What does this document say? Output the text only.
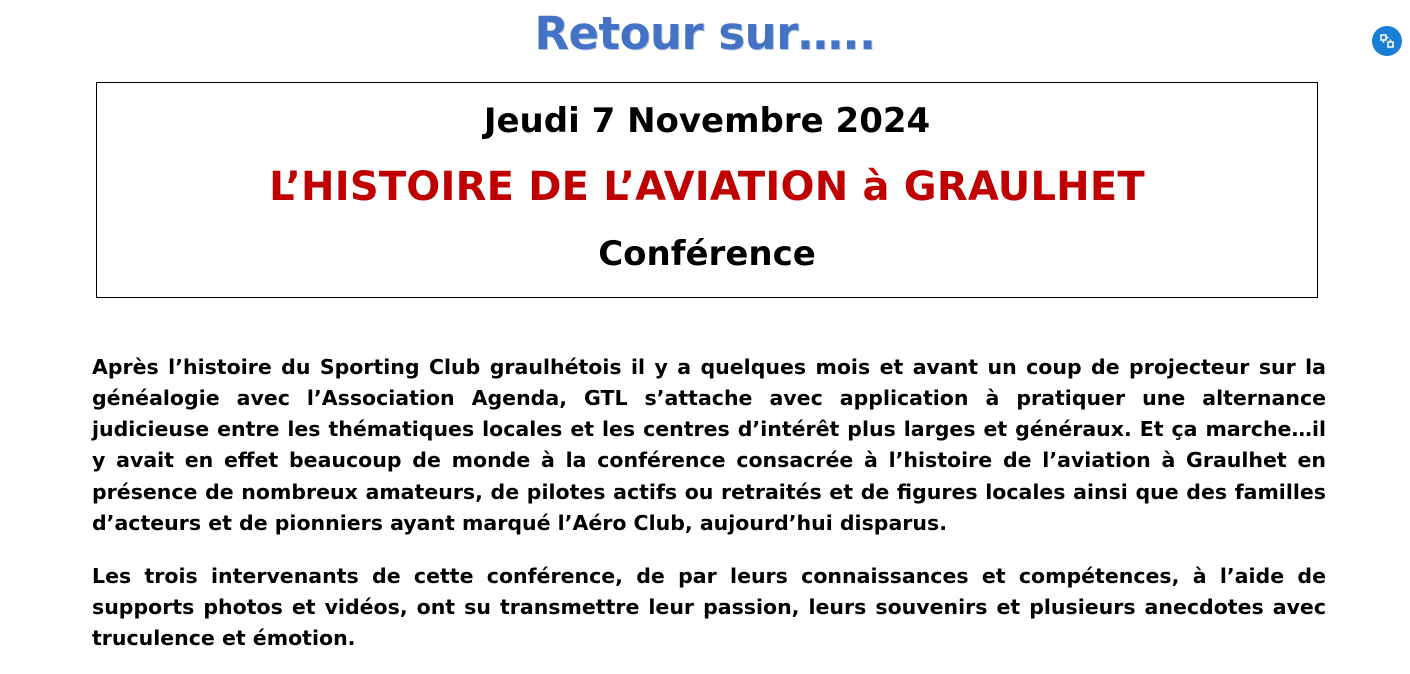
Retour sur…..
Jeudi 7 Novembre 2024
L’HISTOIRE DE L’AVIATION à GRAULHET
Conférence

Après l’histoire du Sporting Club graulhétois il y a quelques mois et avant un coup de projecteur sur la généalogie avec l’Association Agenda, GTL s’attache avec application à pratiquer une alternance judicieuse entre les thématiques locales et les centres d’intérêt plus larges et généraux. Et ça marche…il y avait en effet beaucoup de monde à la conférence consacrée à l’histoire de l’aviation à Graulhet en présence de nombreux amateurs, de pilotes actifs ou retraités et de figures locales ainsi que des familles d’acteurs et de pionniers ayant marqué l’Aéro Club, aujourd’hui disparus.

Les trois intervenants de cette conférence, de par leurs connaissances et compétences, à l’aide de supports photos et vidéos, ont su transmettre leur passion, leurs souvenirs et plusieurs anecdotes avec truculence et émotion.
